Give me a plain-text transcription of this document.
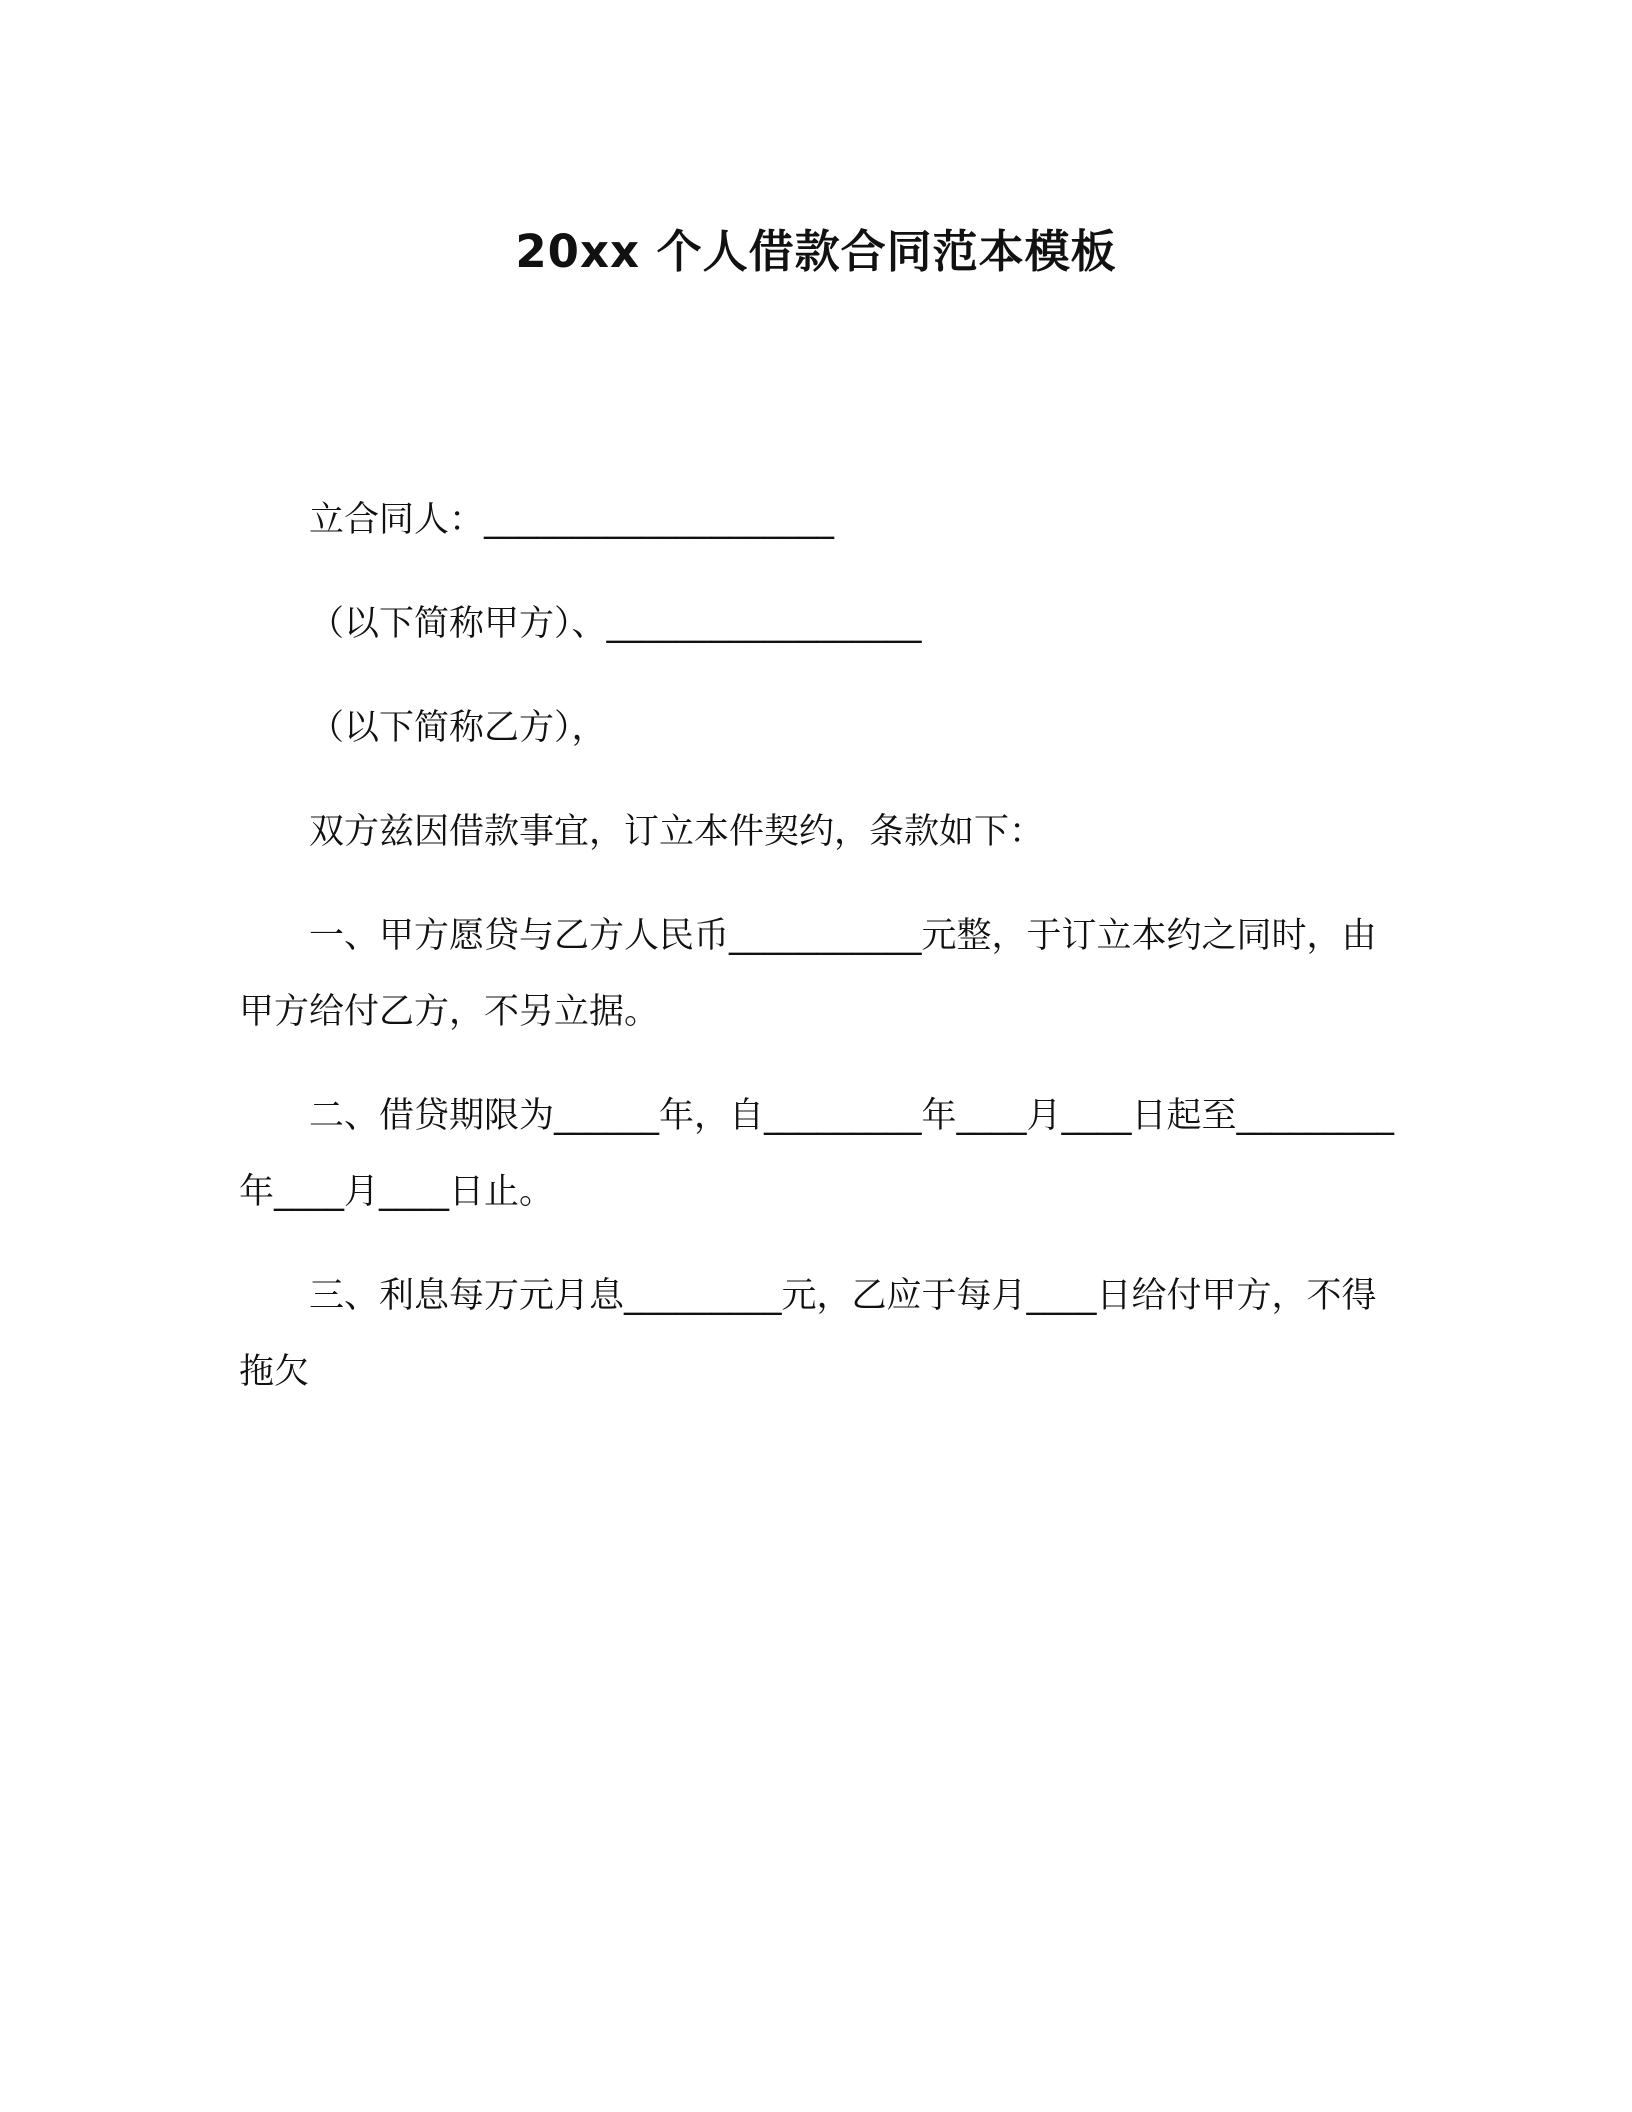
20xx 个人借款合同范本模板

立合同人：____________________

（以下简称甲方）、__________________

（以下简称乙方），

双方兹因借款事宜，订立本件契约，条款如下：

一、甲方愿贷与乙方人民币___________元整，于订立本约之同时，由甲方给付乙方，不另立据。

二、借贷期限为______年，自_________年____月____日起至_________年____月____日止。

三、利息每万元月息_________元，乙应于每月____日给付甲方，不得拖欠
